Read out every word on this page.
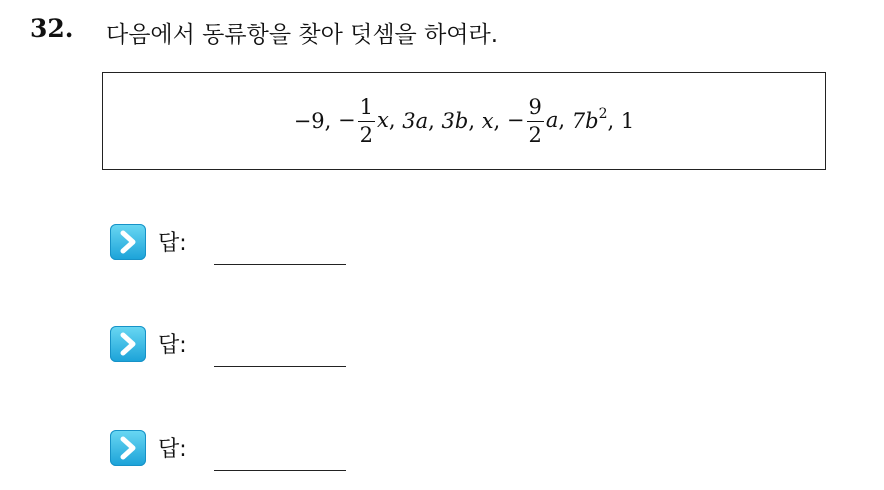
32. 다음에서 동류항을 찾아 덧셈을 하여라.
−9,
− $\frac{1}{2} x$,
3a,
3b,
x,
− $\frac{9}{2} a$,
$7b^2$,
1
답:
답:
답:
